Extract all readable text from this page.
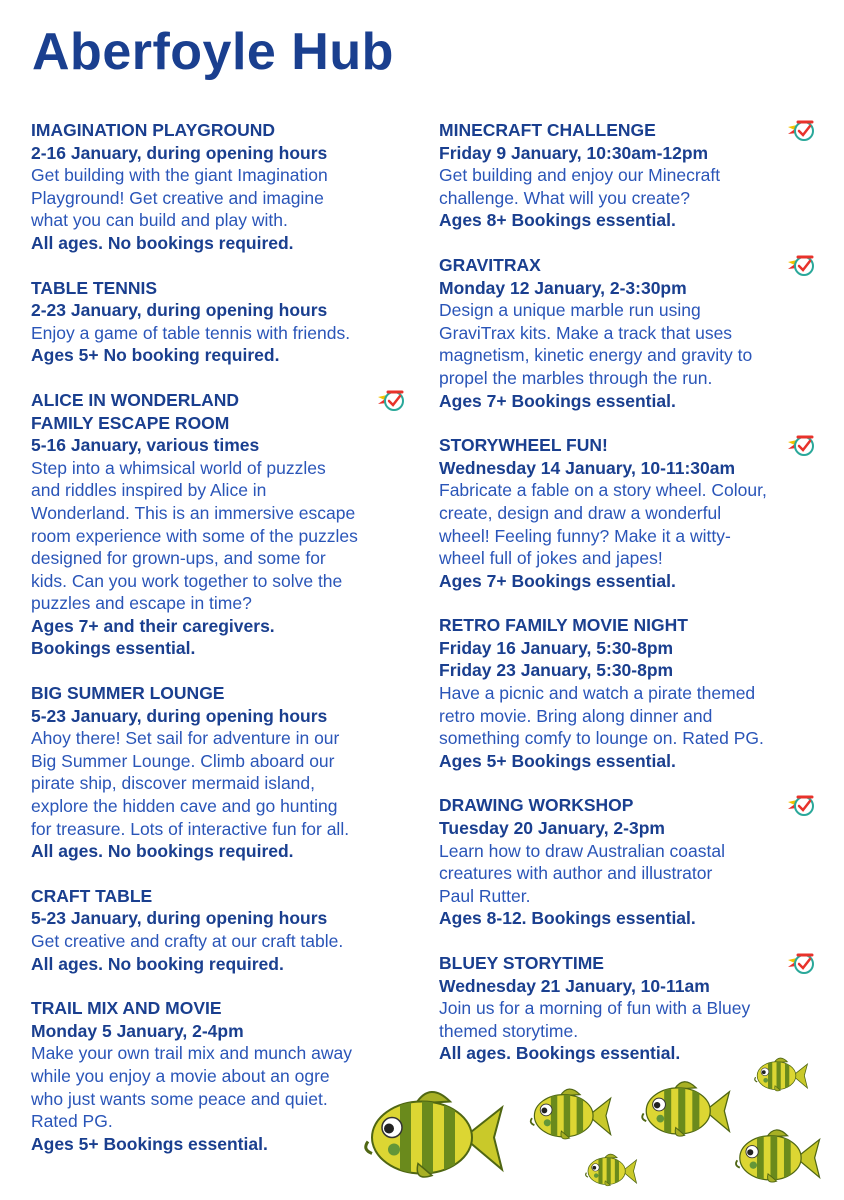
Aberfoyle Hub
IMAGINATION PLAYGROUND
2-16 January, during opening hours
Get building with the giant Imagination
Playground! Get creative and imagine
what you can build and play with.
All ages. No bookings required.
TABLE TENNIS
2-23 January, during opening hours
Enjoy a game of table tennis with friends.
Ages 5+ No booking required.
ALICE IN WONDERLAND
FAMILY ESCAPE ROOM
5-16 January, various times
Step into a whimsical world of puzzles
and riddles inspired by Alice in
Wonderland. This is an immersive escape
room experience with some of the puzzles
designed for grown-ups, and some for
kids. Can you work together to solve the
puzzles and escape in time?
Ages 7+ and their caregivers.
Bookings essential.
BIG SUMMER LOUNGE
5-23 January, during opening hours
Ahoy there! Set sail for adventure in our
Big Summer Lounge. Climb aboard our
pirate ship, discover mermaid island,
explore the hidden cave and go hunting
for treasure. Lots of interactive fun for all.
All ages. No bookings required.
CRAFT TABLE
5-23 January, during opening hours
Get creative and crafty at our craft table.
All ages. No booking required.
TRAIL MIX AND MOVIE
Monday 5 January, 2-4pm
Make your own trail mix and munch away
while you enjoy a movie about an ogre
who just wants some peace and quiet.
Rated PG.
Ages 5+ Bookings essential.
MINECRAFT CHALLENGE
Friday 9 January, 10:30am-12pm
Get building and enjoy our Minecraft
challenge. What will you create?
Ages 8+ Bookings essential.
GRAVITRAX
Monday 12 January, 2-3:30pm
Design a unique marble run using
GraviTrax kits. Make a track that uses
magnetism, kinetic energy and gravity to
propel the marbles through the run.
Ages 7+ Bookings essential.
STORYWHEEL FUN!
Wednesday 14 January, 10-11:30am
Fabricate a fable on a story wheel. Colour,
create, design and draw a wonderful
wheel! Feeling funny? Make it a witty-
wheel full of jokes and japes!
Ages 7+ Bookings essential.
RETRO FAMILY MOVIE NIGHT
Friday 16 January, 5:30-8pm
Friday 23 January, 5:30-8pm
Have a picnic and watch a pirate themed
retro movie. Bring along dinner and
something comfy to lounge on. Rated PG.
Ages 5+ Bookings essential.
DRAWING WORKSHOP
Tuesday 20 January, 2-3pm
Learn how to draw Australian coastal
creatures with author and illustrator
Paul Rutter.
Ages 8-12. Bookings essential.
BLUEY STORYTIME
Wednesday 21 January, 10-11am
Join us for a morning of fun with a Bluey
themed storytime.
All ages. Bookings essential.
